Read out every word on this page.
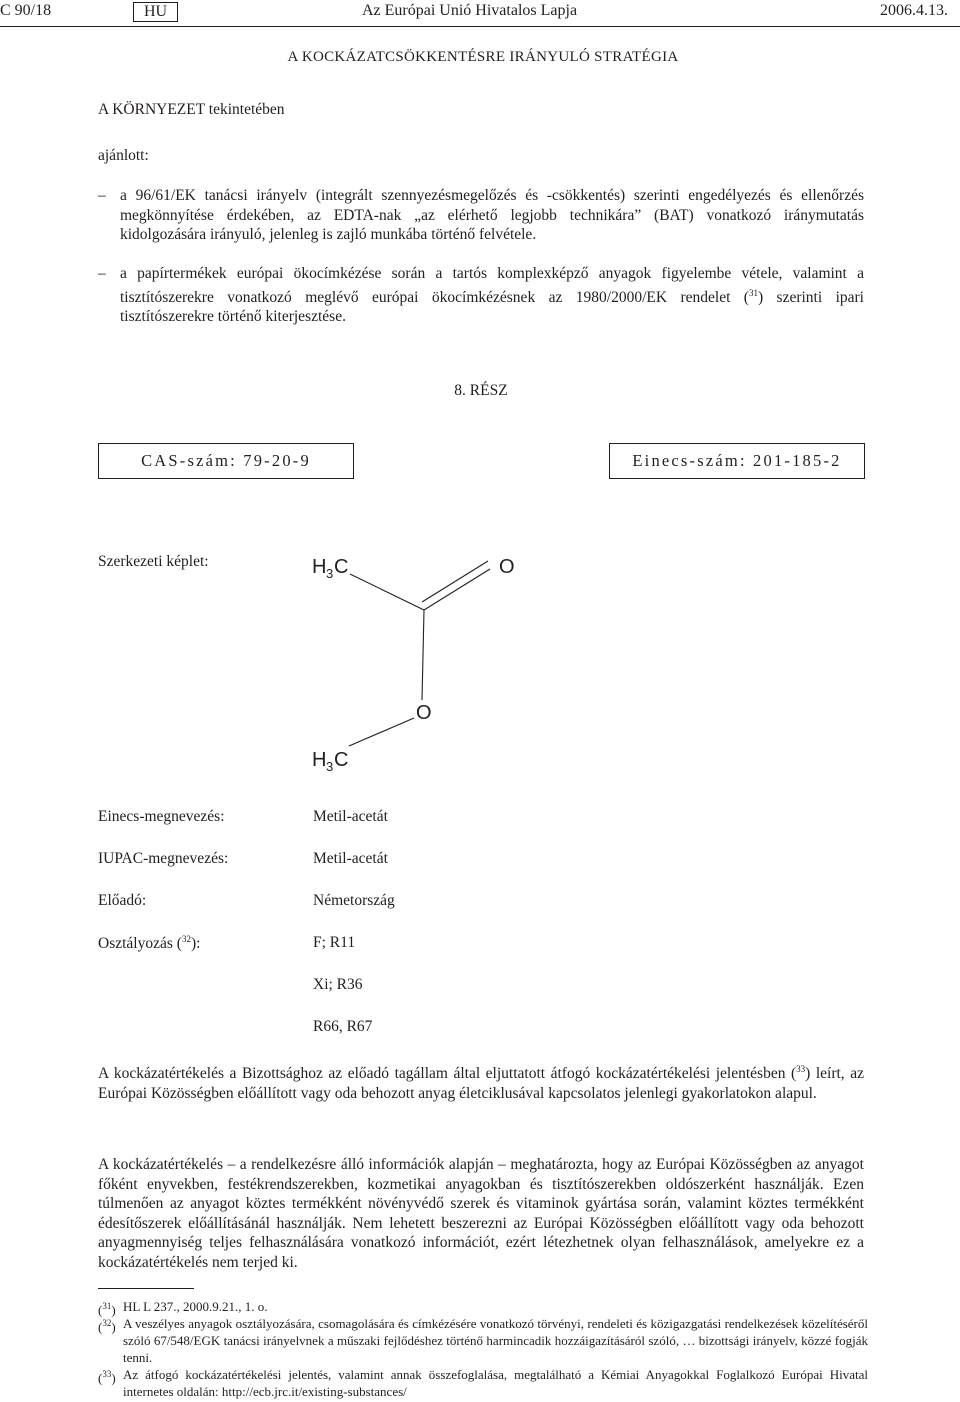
C 90/18	HU	Az Európai Unió Hivatalos Lapja	2006.4.13.
A KOCKÁZATCSÖKKENTÉSRE IRÁNYULÓ STRATÉGIA
A KÖRNYEZET tekintetében
ajánlott:
– a 96/61/EK tanácsi irányelv (integrált szennyezésmegelőzés és -csökkentés) szerinti engedélyezés és ellenőrzés megkönnyítése érdekében, az EDTA-nak „az elérhető legjobb technikára” (BAT) vonatkozó iránymutatás kidolgozására irányuló, jelenleg is zajló munkába történő felvétele.
– a papírtermékek európai ökocímkézése során a tartós komplexképző anyagok figyelembe vétele, valamint a tisztítószerekre vonatkozó meglévő európai ökocímkézésnek az 1980/2000/EK rendelet ($^{31}$) szerinti ipari tisztítószerekre történő kiterjesztése.
8. RÉSZ
CAS-szám: 79-20-9	Einecs-szám: 201-185-2
Szerkezeti képlet:	H 3 C	O
O
H 3 C
Einecs-megnevezés:	Metil-acetát
IUPAC-megnevezés:	Metil-acetát
Előadó:	Németország
Osztályozás ($^{32}$):	F; R11
Xi; R36
R66, R67
A kockázatértékelés a Bizottsághoz az előadó tagállam által eljuttatott átfogó kockázatértékelési jelentésben ($^{33}$) leírt, az Európai Közösségben előállított vagy oda behozott anyag életciklusával kapcsolatos jelenlegi gyakorlatokon alapul.
A kockázatértékelés – a rendelkezésre álló információk alapján – meghatározta, hogy az Európai Közösségben az anyagot főként enyvekben, festékrendszerekben, kozmetikai anyagokban és tisztítószerekben oldószerként használják. Ezen túlmenően az anyagot köztes termékként növényvédő szerek és vitaminok gyártása során, valamint köztes termékként édesítőszerek előállításánál használják. Nem lehetett beszerezni az Európai Közösségben előállított vagy oda behozott anyagmennyiség teljes felhasználására vonatkozó információt, ezért létezhetnek olyan felhasználások, amelyekre ez a kockázatértékelés nem terjed ki.
($^{31}$) HL L 237., 2000.9.21., 1. o.
($^{32}$) A veszélyes anyagok osztályozására, csomagolására és címkézésére vonatkozó törvényi, rendeleti és közigazgatási rendelkezések közelítéséről szóló 67/548/EGK tanácsi irányelvnek a műszaki fejlődéshez történő harmincadik hozzáigazításáról szóló, … bizottsági irányelv, közzé fogják tenni.
($^{33}$) Az átfogó kockázatértékelési jelentés, valamint annak összefoglalása, megtalálható a Kémiai Anyagokkal Foglalkozó Európai Hivatal internetes oldalán: http://ecb.jrc.it/existing-substances/
